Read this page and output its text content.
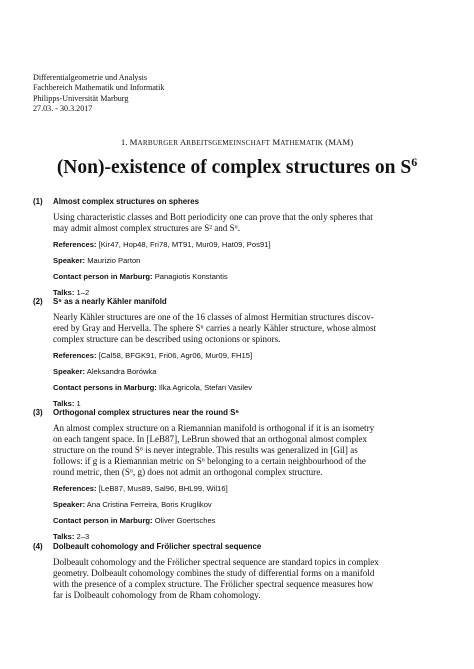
Differentialgeometrie und Analysis
Fachbereich Mathematik und Informatik
Philipps-Universität Marburg
27.03. - 30.3.2017
1. MARBURGER ARBEITSGEMEINSCHAFT MATHEMATIK (MAM)
(Non)-existence of complex structures on $S^6$
(1) Almost complex structures on spheres
Using characteristic classes and Bott periodicity one can prove that the only spheres that
may admit almost complex structures are S² and S⁶.
References: [Kir47, Hop48, Fri78, MT91, Mur09, Hat09, Pos91]
Speaker: Maurizio Parton
Contact person in Marburg: Panagiotis Konstantis
Talks: 1–2
(2) S⁶ as a nearly Kähler manifold
Nearly Kähler structures are one of the 16 classes of almost Hermitian structures discov-
ered by Gray and Hervella. The sphere S⁶ carries a nearly Kähler structure, whose almost
complex structure can be described using octonions or spinors.
References: [Cal58, BFGK91, Fri06, Agr06, Mur09, FH15]
Speaker: Aleksandra Borówka
Contact persons in Marburg: Ilka Agricola, Stefan Vasilev
Talks: 1
(3) Orthogonal complex structures near the round S⁶
An almost complex structure on a Riemannian manifold is orthogonal if it is an isometry
on each tangent space. In [LeB87], LeBrun showed that an orthogonal almost complex
structure on the round S⁶ is never integrable. This results was generalized in [Gil] as
follows: if g is a Riemannian metric on S⁶ belonging to a certain neighbourhood of the
round metric, then (S⁶, g) does not admit an orthogonal complex structure.
References: [LeB87, Mus89, Sal96, BHL99, Wil16]
Speaker: Ana Cristina Ferreira, Boris Kruglikov
Contact person in Marburg: Oliver Goertsches
Talks: 2–3
(4) Dolbeault cohomology and Frölicher spectral sequence
Dolbeault cohomology and the Frölicher spectral sequence are standard topics in complex
geometry. Dolbeault cohomology combines the study of differential forms on a manifold
with the presence of a complex structure. The Frölicher spectral sequence measures how
far is Dolbeault cohomology from de Rham cohomology.
